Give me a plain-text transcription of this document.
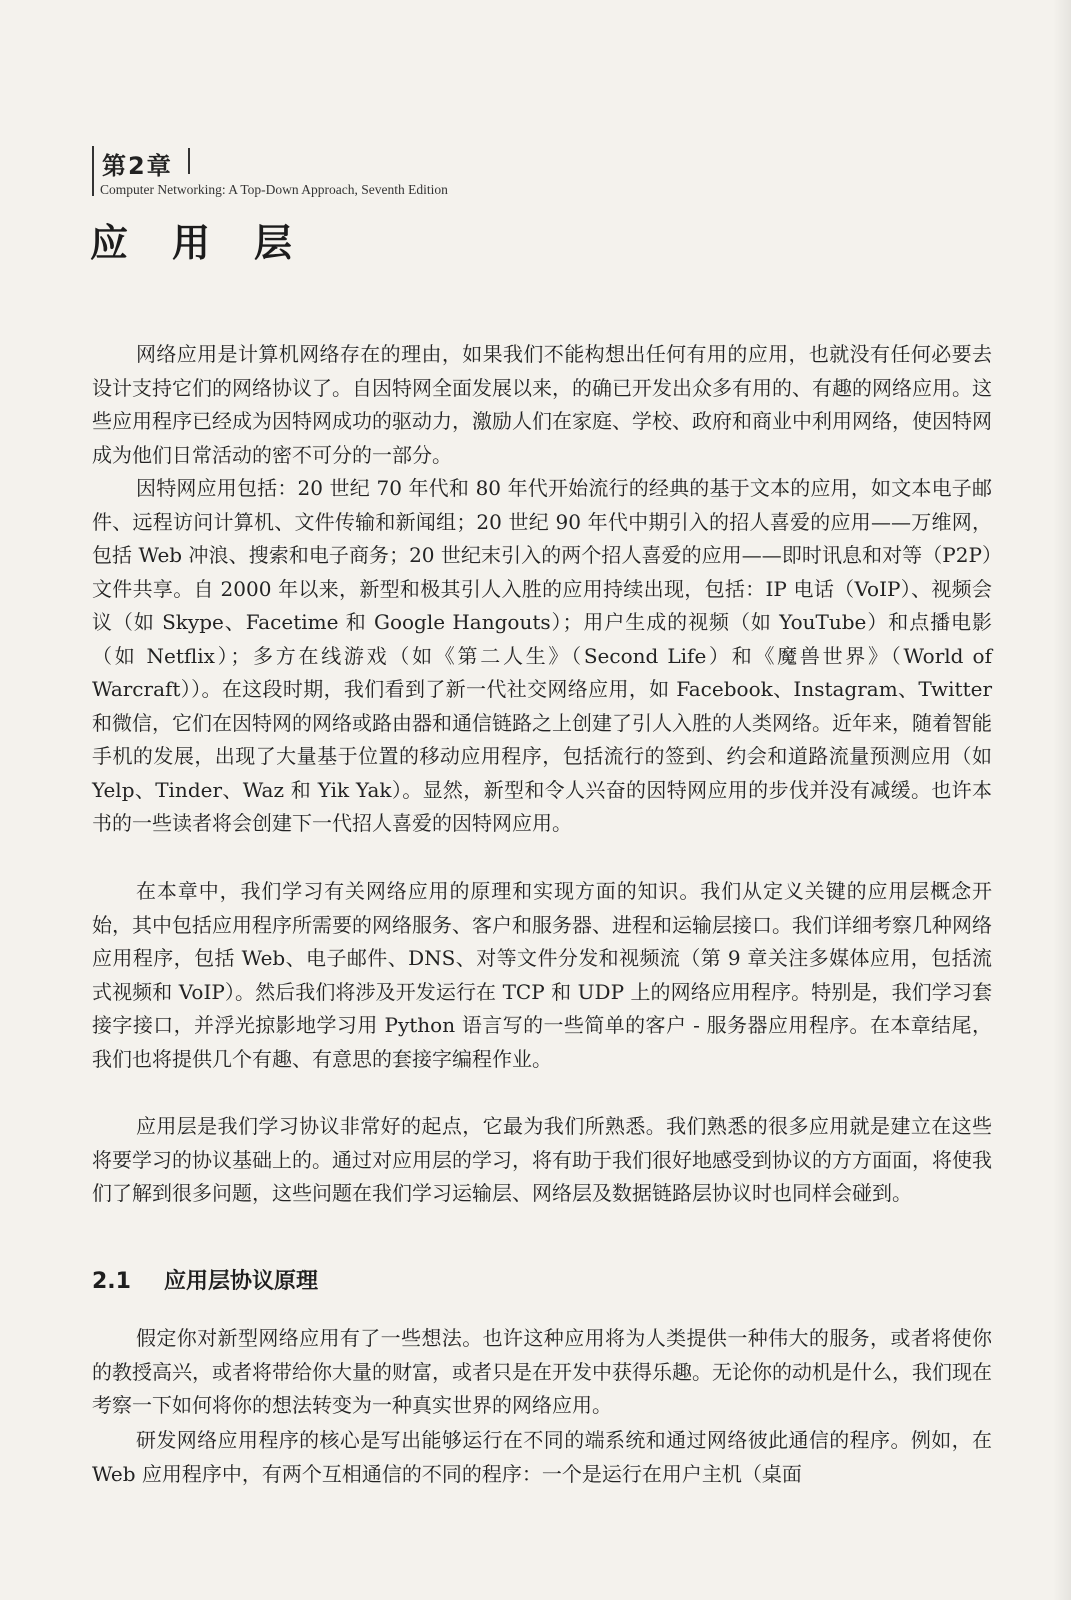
第2章
Computer Networking: A Top-Down Approach, Seventh Edition
应用层

网络应用是计算机网络存在的理由，如果我们不能构想出任何有用的应用，也就没有任何必要去设计支持它们的网络协议了。自因特网全面发展以来，的确已开发出众多有用的、有趣的网络应用。这些应用程序已经成为因特网成功的驱动力，激励人们在家庭、学校、政府和商业中利用网络，使因特网成为他们日常活动的密不可分的一部分。

因特网应用包括：20 世纪 70 年代和 80 年代开始流行的经典的基于文本的应用，如文本电子邮件、远程访问计算机、文件传输和新闻组；20 世纪 90 年代中期引入的招人喜爱的应用——万维网，包括 Web 冲浪、搜索和电子商务；20 世纪末引入的两个招人喜爱的应用——即时讯息和对等（P2P）文件共享。自 2000 年以来，新型和极其引人入胜的应用持续出现，包括：IP 电话（VoIP）、视频会议（如 Skype、Facetime 和 Google Hangouts）；用户生成的视频（如 YouTube）和点播电影（如 Netflix）；多方在线游戏（如《第二人生》（Second Life）和《魔兽世界》（World of Warcraft））。在这段时期，我们看到了新一代社交网络应用，如 Facebook、Instagram、Twitter 和微信，它们在因特网的网络或路由器和通信链路之上创建了引人入胜的人类网络。近年来，随着智能手机的发展，出现了大量基于位置的移动应用程序，包括流行的签到、约会和道路流量预测应用（如 Yelp、Tinder、Waz 和 Yik Yak）。显然，新型和令人兴奋的因特网应用的步伐并没有减缓。也许本书的一些读者将会创建下一代招人喜爱的因特网应用。

在本章中，我们学习有关网络应用的原理和实现方面的知识。我们从定义关键的应用层概念开始，其中包括应用程序所需要的网络服务、客户和服务器、进程和运输层接口。我们详细考察几种网络应用程序，包括 Web、电子邮件、DNS、对等文件分发和视频流（第 9 章关注多媒体应用，包括流式视频和 VoIP）。然后我们将涉及开发运行在 TCP 和 UDP 上的网络应用程序。特别是，我们学习套接字接口，并浮光掠影地学习用 Python 语言写的一些简单的客户 - 服务器应用程序。在本章结尾，我们也将提供几个有趣、有意思的套接字编程作业。

应用层是我们学习协议非常好的起点，它最为我们所熟悉。我们熟悉的很多应用就是建立在这些将要学习的协议基础上的。通过对应用层的学习，将有助于我们很好地感受到协议的方方面面，将使我们了解到很多问题，这些问题在我们学习运输层、网络层及数据链路层协议时也同样会碰到。

2.1 应用层协议原理

假定你对新型网络应用有了一些想法。也许这种应用将为人类提供一种伟大的服务，或者将使你的教授高兴，或者将带给你大量的财富，或者只是在开发中获得乐趣。无论你的动机是什么，我们现在考察一下如何将你的想法转变为一种真实世界的网络应用。

研发网络应用程序的核心是写出能够运行在不同的端系统和通过网络彼此通信的程序。例如，在 Web 应用程序中，有两个互相通信的不同的程序：一个是运行在用户主机（桌面
